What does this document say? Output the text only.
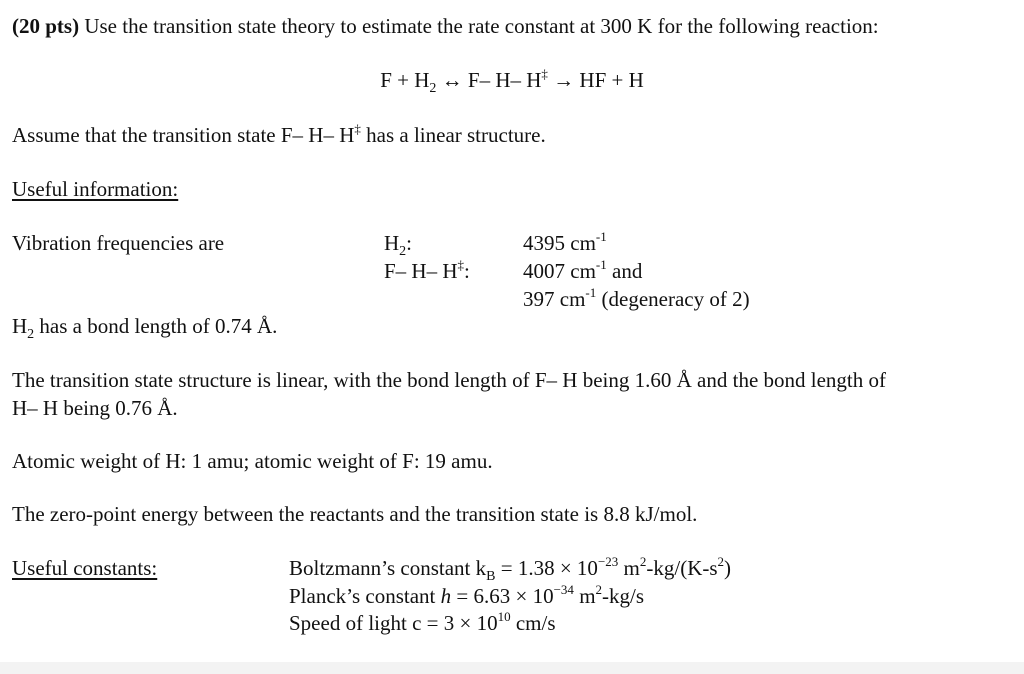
(20 pts) Use the transition state theory to estimate the rate constant at 300 K for the following reaction:
$F + H_2$ ↔ F– H– H‡ → HF + H
Assume that the transition state F– H– H‡ has a linear structure.
Useful information:
Vibration frequencies are	$H_2$:
F– H– H‡:
4395 $cm^{-1}$
4007 $cm^{-1}$ and
397 $cm^{-1}$ (degeneracy of 2)
$H_2$ has a bond length of 0.74 Å.
The transition state structure is linear, with the bond length of F– H being 1.60 Å and the bond length of
H– H being 0.76 Å.
Atomic weight of H: 1 amu; atomic weight of F: 19 amu.
The zero-point energy between the reactants and the transition state is 8.8 kJ/mol.
Useful constants:	Boltzmann’s constant $k_B = 1.38 \times 10^{-23}$ $m^2-kg/(K-s^2)$
Planck’s constant $h = 6.63 \times 10^{-34}$ $m^2-kg/s$
Speed of light $c = 3 \times 10^{10}$ cm/s
